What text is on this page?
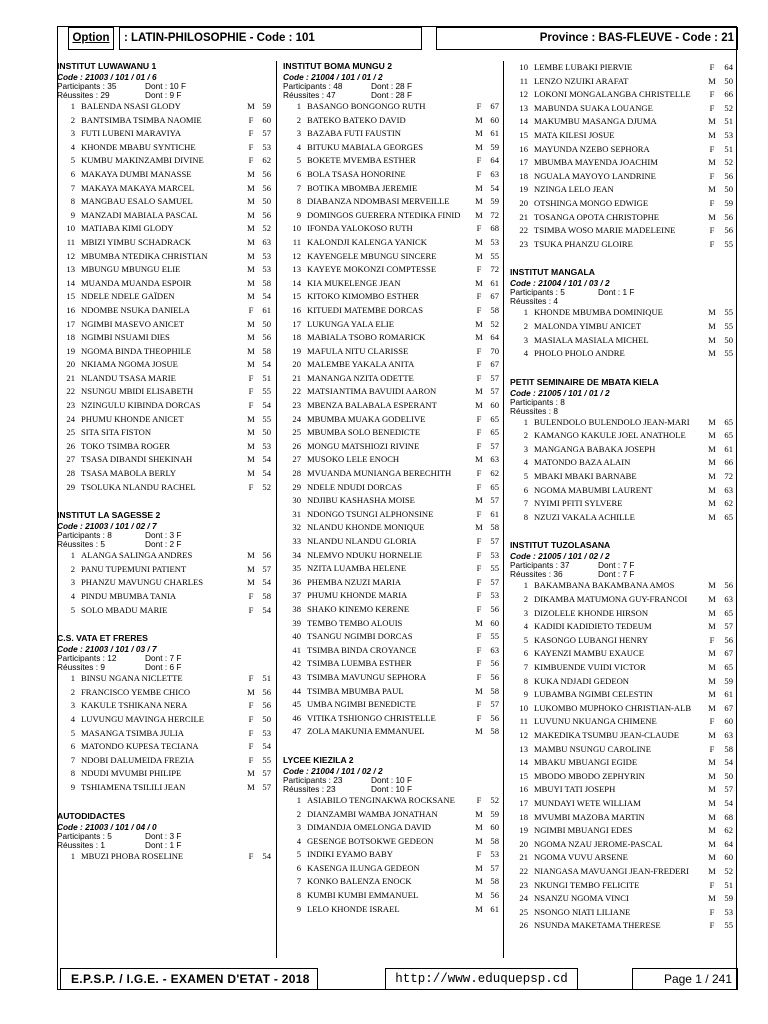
Option	: LATIN-PHILOSOPHIE - Code : 101	Province : BAS-FLEUVE - Code : 21
INSTITUT LUWAWANU 1
Code : 21003 / 101 / 01 / 6
Participants : 35	Dont : 10 F
Réussites : 29	Dont : 9 F
1 BALENDA NSASI GLODY	M 59
2 BANTSIMBA TSIMBA NAOMIE	F	60
3 FUTI LUBENI MARAVIYA	F	57
4 KHONDE MBABU SYNTICHE	F	53
5 KUMBU MAKINZAMBI DIVINE	F	62
6 MAKAYA DUMBI MANASSE	M 56
7 MAKAYA MAKAYA MARCEL	M 56
8 MANGBAU ESALO SAMUEL	M 50
9 MANZADI MABIALA PASCAL	M 56
10 MATIABA KIMI GLODY	M 52
11 MBIZI YIMBU SCHADRACK	M 63
12 MBUMBA NTEDIKA CHRISTIAN	M 53
13 MBUNGU MBUNGU ELIE	M 53
14 MUANDA MUANDA ESPOIR	M 58
15 NDELE NDELE GAÏDEN	M 54
16 NDOMBE NSUKA DANIELA	F	61
17 NGIMBI MASEVO ANICET	M 50
18 NGIMBI NSUAMI DIES	M 56
19 NGOMA BINDA THEOPHILE	M 58
20 NKIAMA NGOMA JOSUE	M 54
21 NLANDU TSASA MARIE	F	51
22 NSUNGU MBIDI ELISABETH	F	55
23 NZINGULU KIBINDA DORCAS	F	54
24 PHUMU KHONDE ANICET	M 55
25 SITA SITA FISTON	M 50
26 TOKO TSIMBA ROGER	M 53
27 TSASA DIBANDI SHEKINAH	M 54
28 TSASA MABOLA BERLY	M 54
29 TSOLUKA NLANDU RACHEL	F	52
INSTITUT LA SAGESSE 2
Code : 21003 / 101 / 02 / 7
Participants : 8	Dont : 3 F
Réussites : 5	Dont : 2 F
1 ALANGA SALINGA ANDRES	M 56
2 PANU TUPEMUNI PATIENT	M 57
3 PHANZU MAVUNGU CHARLES	M 54
4 PINDU MBUMBA TANIA	F	58
5 SOLO MBADU MARIE	F	54
C.S. VATA ET FRERES
Code : 21003 / 101 / 03 / 7
Participants : 12	Dont : 7 F
Réussites : 9	Dont : 6 F
1 BINSU NGANA NICLETTE	F	51
2 FRANCISCO YEMBE CHICO	M 56
3 KAKULE TSHIKANA NERA	F	56
4 LUVUNGU MAVINGA HERCILE	F	50
5 MASANGA TSIMBA JULIA	F	53
6 MATONDO KUPESA TECIANA	F	54
7 NDOBI DALUMEIDA FREZIA	F	55
8 NDUDI MVUMBI PHILIPE	M 57
9 TSHIAMENA TSILILI JEAN	M 57
AUTODIDACTES
Code : 21003 / 101 / 04 / 0
Participants : 5	Dont : 3 F
Réussites : 1	Dont : 1 F
1 MBUZI PHOBA ROSELINE	F	54
INSTITUT BOMA MUNGU 2
Code : 21004 / 101 / 01 / 2
Participants : 48	Dont : 28 F
Réussites : 47	Dont : 28 F
1 BASANGO BONGONGO RUTH	F	67
2 BATEKO BATEKO DAVID	M 60
3 BAZABA FUTI FAUSTIN	M 61
4 BITUKU MABIALA GEORGES	M 59
5 BOKETE MVEMBA ESTHER	F	64
6 BOLA TSASA HONORINE	F	63
7 BOTIKA MBOMBA JEREMIE	M 54
8 DIABANZA NDOMBASI MERVEILLE	M 59
9 DOMINGOS GUERERA NTEDIKA FINID	M 72
10 IFONDA YALOKOSO RUTH	F	68
11 KALONDJI KALENGA YANICK	M 53
12 KAYENGELE MBUNGU SINCERE	M 55
13 KAYEYE MOKONZI COMPTESSE	F	72
14 KIA MUKELENGE JEAN	M 61
15 KITOKO KIMOMBO ESTHER	F	67
16 KITUEDI MATEMBE DORCAS	F	58
17 LUKUNGA YALA ELIE	M 52
18 MABIALA TSOBO ROMARICK	M 64
19 MAFULA NITU CLARISSE	F	70
20 MALEMBE YAKALA ANITA	F	67
21 MANANGA NZITA ODETTE	F	57
22 MATSIANTIMA BAVUIDI AARON	M 57
23 MBENZA BALABALA ESPERANT	M 60
24 MBUMBA MUAKA GODELIVE	F	65
25 MBUMBA SOLO BENEDICTE	F	65
26 MONGU MATSHIOZI RIVINE	F	57
27 MUSOKO LELE ENOCH	M 63
28 MVUANDA MUNIANGA BERECHITH	F	62
29 NDELE NDUDI DORCAS	F	65
30 NDJIBU KASHASHA MOISE	M 57
31 NDONGO TSUNGI ALPHONSINE	F	61
32 NLANDU KHONDE MONIQUE	M 58
33 NLANDU NLANDU GLORIA	F	57
34 NLEMVO NDUKU HORNELIE	F	53
35 NZITA LUAMBA HELENE	F	55
36 PHEMBA NZUZI MARIA	F	57
37 PHUMU KHONDE MARIA	F	53
38 SHAKO KINEMO KERENE	F	56
39 TEMBO TEMBO ALOUIS	M 60
40 TSANGU NGIMBI DORCAS	F	55
41 TSIMBA BINDA CROYANCE	F	63
42 TSIMBA LUEMBA ESTHER	F	56
43 TSIMBA MAVUNGU SEPHORA	F	56
44 TSIMBA MBUMBA PAUL	M 58
45 UMBA NGIMBI BENEDICTE	F	57
46 VITIKA TSHIONGO CHRISTELLE	F	56
47 ZOLA MAKUNIA EMMANUEL	M 58
LYCEE KIEZILA 2
Code : 21004 / 101 / 02 / 2
Participants : 23	Dont : 10 F
Réussites : 23	Dont : 10 F
1 ASIABILO TENGINAKWA ROCKSANE	F	52
2 DIANZAMBI WAMBA JONATHAN	M 59
3 DIMANDJA OMELONGA DAVID	M 60
4 GESENGE BOTSOKWE GEDEON	M 58
5 INDIKI EYAMO BABY	F	53
6 KASENGA ILUNGA GEDEON	M 57
7 KONKO BALENZA ENOCK	M 58
8 KUMBI KUMBI EMMANUEL	M 56
9 LELO KHONDE ISRAEL	M 61
10 LEMBE LUBAKI PIERVIE	F	64
11 LENZO NZUIKI ARAFAT	M 50
12 LOKONI MONGALANGBA CHRISTELLE	F	66
13 MABUNDA SUAKA LOUANGE	F	52
14 MAKUMBU MASANGA DJUMA	M 51
15 MATA KILESI JOSUE	M 53
16 MAYUNDA NZEBO SEPHORA	F	51
17 MBUMBA MAYENDA JOACHIM	M 52
18 NGUALA MAYOYO LANDRINE	F	56
19 NZINGA LELO JEAN	M 50
20 OTSHINGA MONGO EDWIGE	F	59
21 TOSANGA OPOTA CHRISTOPHE	M 56
22 TSIMBA WOSO MARIE MADELEINE	F	56
23 TSUKA PHANZU GLOIRE	F	55
INSTITUT MANGALA
Code : 21004 / 101 / 03 / 2
Participants : 5	Dont : 1 F
Réussites : 4
1 KHONDE MBUMBA DOMINIQUE	M 55
2 MALONDA YIMBU ANICET	M 55
3 MASIALA MASIALA MICHEL	M 50
4 PHOLO PHOLO ANDRE	M 55
PETIT SEMINAIRE DE MBATA KIELA
Code : 21005 / 101 / 01 / 2
Participants : 8
Réussites : 8
1 BULENDOLO BULENDOLO JEAN-MARI	M 65
2 KAMANGO KAKULE JOEL ANATHOLE	M 65
3 MANGANGA BABAKA JOSEPH	M 61
4 MATONDO BAZA ALAIN	M 66
5 MBAKI MBAKI BARNABE	M 72
6 NGOMA MABUMBI LAURENT	M 63
7 NYIMI PFITI SYLVERE	M 62
8 NZUZI VAKALA ACHILLE	M 65
INSTITUT TUZOLASANA
Code : 21005 / 101 / 02 / 2
Participants : 37	Dont : 7 F
Réussites : 36	Dont : 7 F
1 BAKAMBANA BAKAMBANA AMOS	M 56
2 DIKAMBA MATUMONA GUY-FRANCOI	M 63
3 DIZOLELE KHONDE HIRSON	M 65
4 KADIDI KADIDIETO TEDEUM	M 57
5 KASONGO LUBANGI HENRY	F	56
6 KAYENZI MAMBU EXAUCE	M 67
7 KIMBUENDE VUIDI VICTOR	M 65
8 KUKA NDJADI GEDEON	M 59
9 LUBAMBA NGIMBI CELESTIN	M 61
10 LUKOMBO MUPHOKO CHRISTIAN-ALB	M 67
11 LUVUNU NKUANGA CHIMENE	F	60
12 MAKEDIKA TSUMBU JEAN-CLAUDE	M 63
13 MAMBU NSUNGU CAROLINE	F	58
14 MBAKU MBUANGI EGIDE	M 54
15 MBODO MBODO ZEPHYRIN	M 50
16 MBUYI TATI JOSEPH	M 57
17 MUNDAYI WETE WILLIAM	M 54
18 MVUMBI MAZOBA MARTIN	M 68
19 NGIMBI MBUANGI EDES	M 62
20 NGOMA NZAU JEROME-PASCAL	M 64
21 NGOMA VUVU ARSENE	M 60
22 NIANGASA MAVUANGI JEAN-FREDERI	M 52
23 NKUNGI TEMBO FELICITE	F	51
24 NSANZU NGOMA VINCI	M 59
25 NSONGO NIATI LILIANE	F	53
26 NSUNDA MAKETAMA THERESE	F	55
E.P.S.P. / I.G.E. - EXAMEN D'ETAT - 2018	http://www.eduquepsp.cd	Page 1 / 241
